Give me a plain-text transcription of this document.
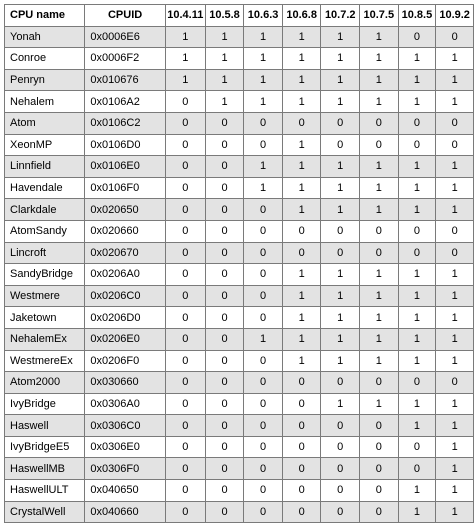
CPU name	CPUID	10.4.11	10.5.8	10.6.3	10.6.8	10.7.2	10.7.5	10.8.5	10.9.2
Yonah	0x0006E6	1	1	1	1	1	1	0	0
Conroe	0x0006F2	1	1	1	1	1	1	1	1
Penryn	0x010676	1	1	1	1	1	1	1	1
Nehalem	0x0106A2	0	1	1	1	1	1	1	1
Atom	0x0106C2	0	0	0	0	0	0	0	0
XeonMP	0x0106D0	0	0	0	1	0	0	0	0
Linnfield	0x0106E0	0	0	1	1	1	1	1	1
Havendale	0x0106F0	0	0	1	1	1	1	1	1
Clarkdale	0x020650	0	0	0	1	1	1	1	1
AtomSandy	0x020660	0	0	0	0	0	0	0	0
Lincroft	0x020670	0	0	0	0	0	0	0	0
SandyBridge	0x0206A0	0	0	0	1	1	1	1	1
Westmere	0x0206C0	0	0	0	1	1	1	1	1
Jaketown	0x0206D0	0	0	0	1	1	1	1	1
NehalemEx	0x0206E0	0	0	1	1	1	1	1	1
WestmereEx	0x0206F0	0	0	0	1	1	1	1	1
Atom2000	0x030660	0	0	0	0	0	0	0	0
IvyBridge	0x0306A0	0	0	0	0	1	1	1	1
Haswell	0x0306C0	0	0	0	0	0	0	1	1
IvyBridgeE5	0x0306E0	0	0	0	0	0	0	0	1
HaswellMB	0x0306F0	0	0	0	0	0	0	0	1
HaswellULT	0x040650	0	0	0	0	0	0	1	1
CrystalWell	0x040660	0	0	0	0	0	0	1	1
